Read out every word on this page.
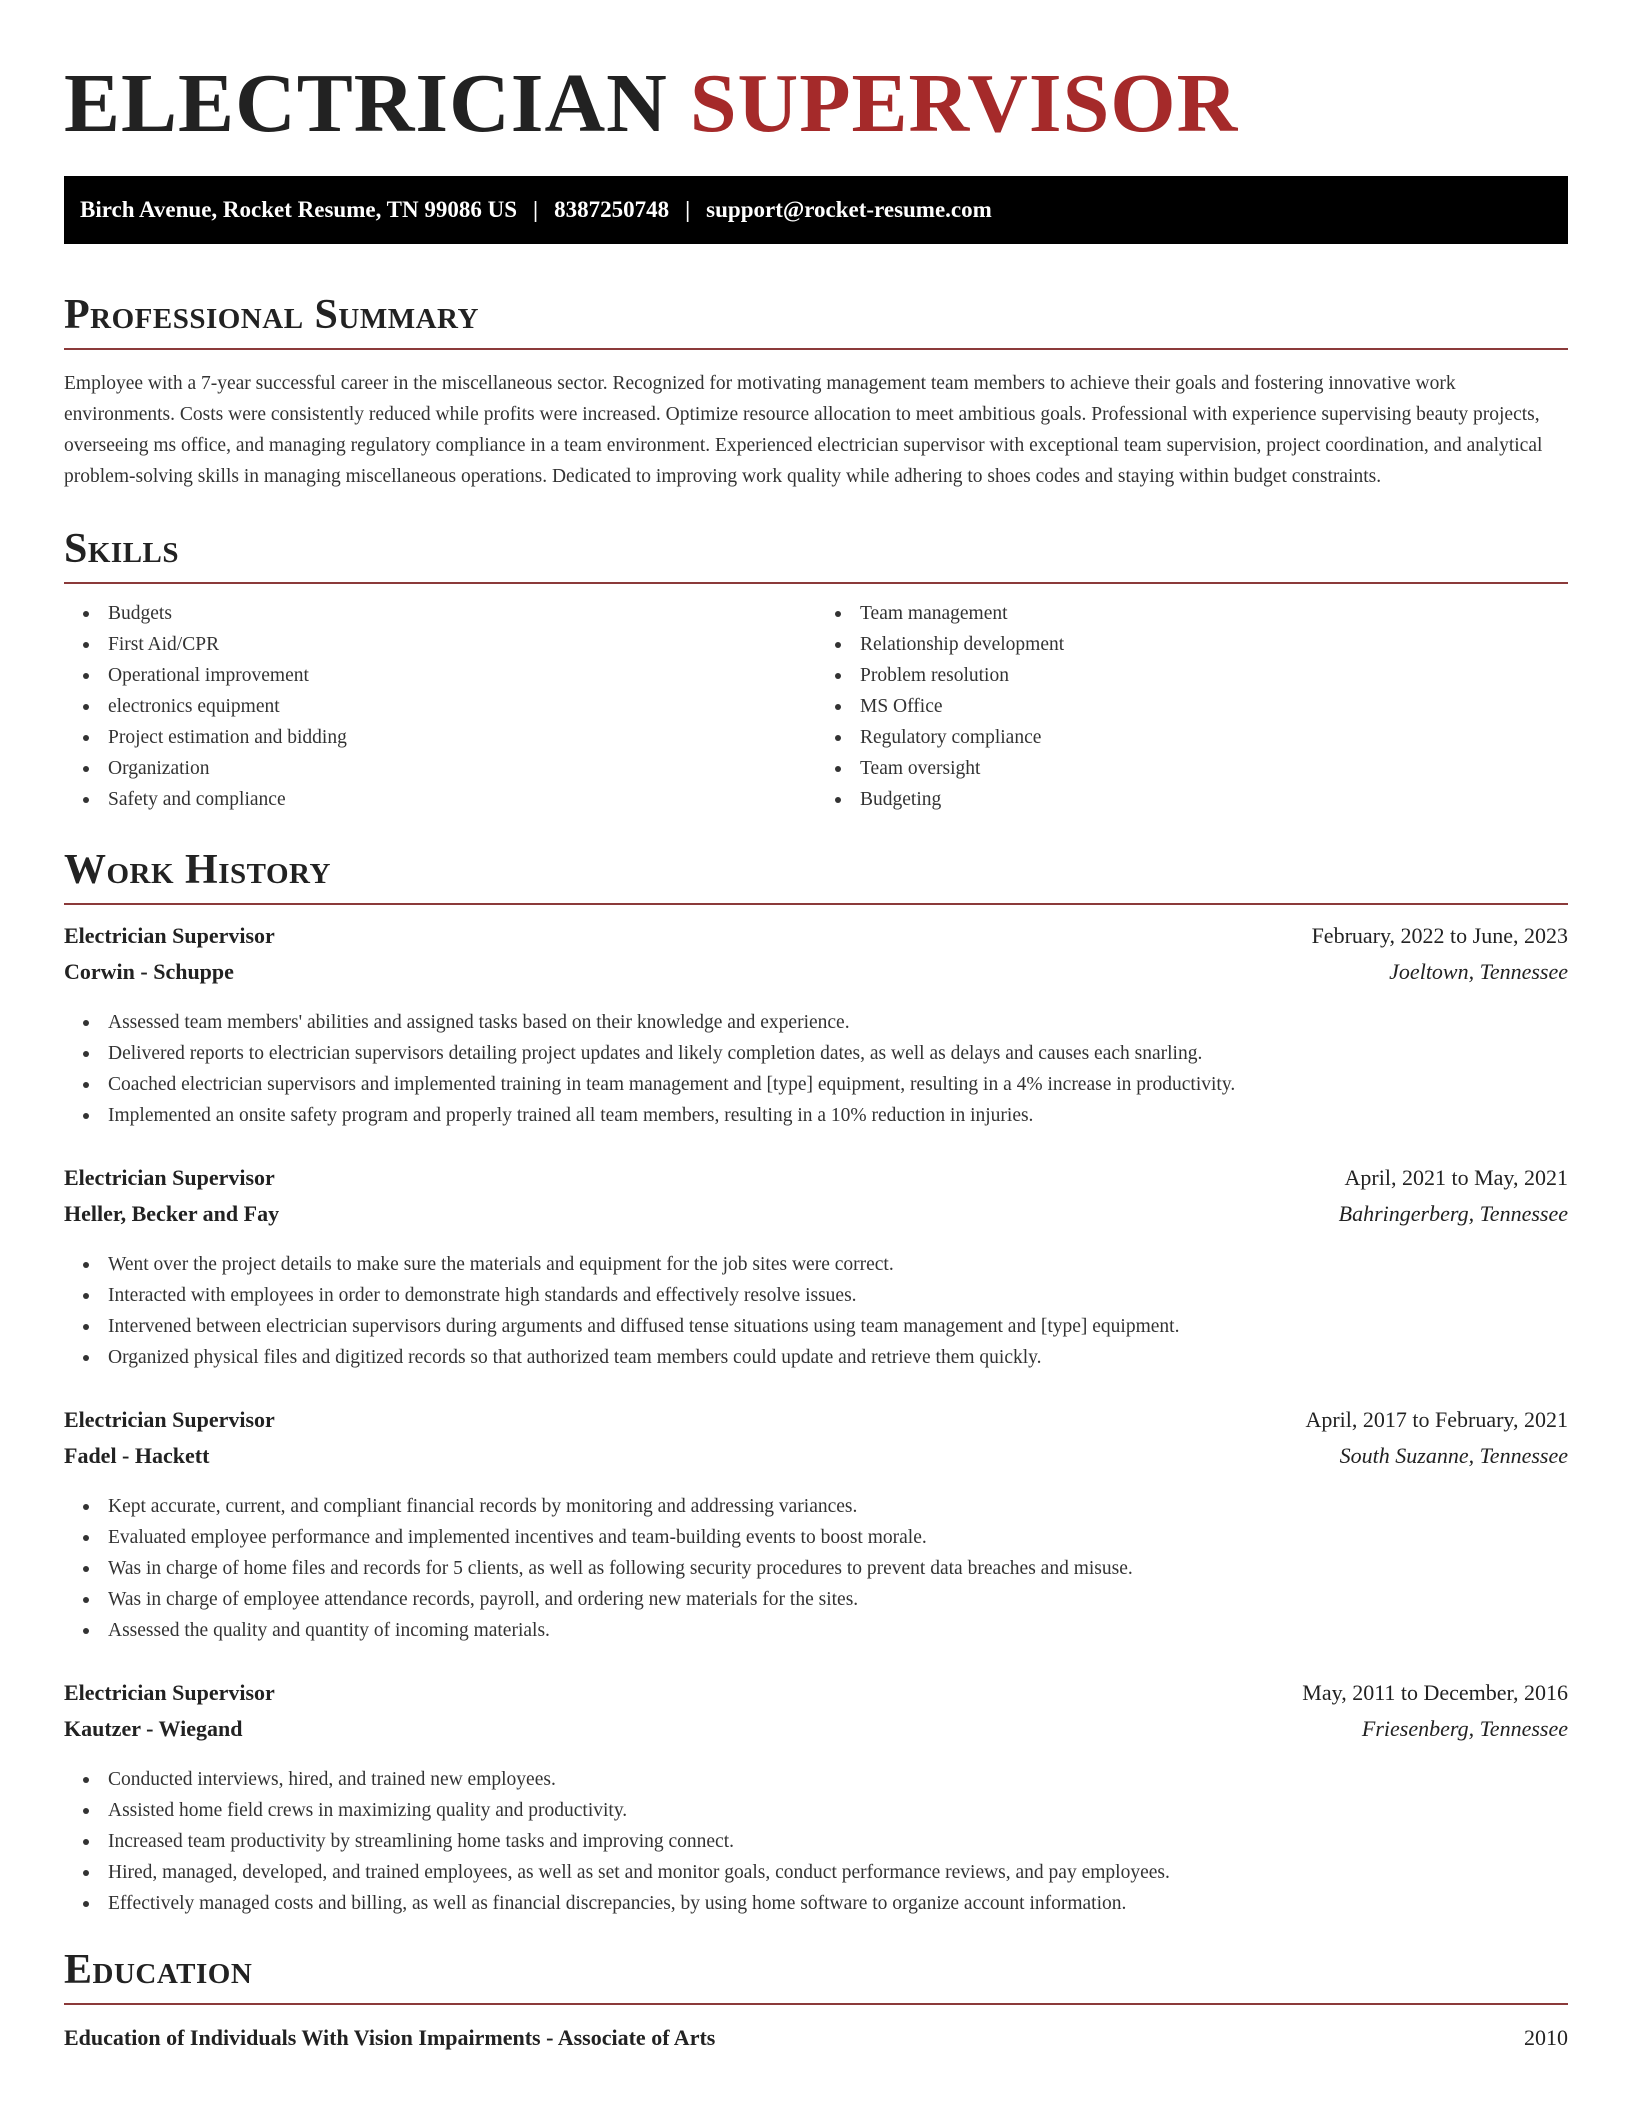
ELECTRICIAN SUPERVISOR
Birch Avenue, Rocket Resume, TN 99086 US | 8387250748 | support@rocket-resume.com
Professional Summary

Employee with a 7-year successful career in the miscellaneous sector. Recognized for motivating management team members to achieve their goals and fostering innovative work environments. Costs were consistently reduced while profits were increased. Optimize resource allocation to meet ambitious goals. Professional with experience supervising beauty projects, overseeing ms office, and managing regulatory compliance in a team environment. Experienced electrician supervisor with exceptional team supervision, project coordination, and analytical problem-solving skills in managing miscellaneous operations. Dedicated to improving work quality while adhering to shoes codes and staying within budget constraints.

Skills
Budgets
First Aid/CPR
Operational improvement
electronics equipment
Project estimation and bidding
Organization
Safety and compliance
Team management
Relationship development
Problem resolution
MS Office
Regulatory compliance
Team oversight
Budgeting
Work History
Electrician Supervisor	February, 2022 to June, 2023
Corwin - Schuppe	Joeltown, Tennessee
Assessed team members' abilities and assigned tasks based on their knowledge and experience.
Delivered reports to electrician supervisors detailing project updates and likely completion dates, as well as delays and causes each snarling.
Coached electrician supervisors and implemented training in team management and [type] equipment, resulting in a 4% increase in productivity.
Implemented an onsite safety program and properly trained all team members, resulting in a 10% reduction in injuries.
Electrician Supervisor	April, 2021 to May, 2021
Heller, Becker and Fay	Bahringerberg, Tennessee
Went over the project details to make sure the materials and equipment for the job sites were correct.
Interacted with employees in order to demonstrate high standards and effectively resolve issues.
Intervened between electrician supervisors during arguments and diffused tense situations using team management and [type] equipment.
Organized physical files and digitized records so that authorized team members could update and retrieve them quickly.
Electrician Supervisor	April, 2017 to February, 2021
Fadel - Hackett	South Suzanne, Tennessee
Kept accurate, current, and compliant financial records by monitoring and addressing variances.
Evaluated employee performance and implemented incentives and team-building events to boost morale.
Was in charge of home files and records for 5 clients, as well as following security procedures to prevent data breaches and misuse.
Was in charge of employee attendance records, payroll, and ordering new materials for the sites.
Assessed the quality and quantity of incoming materials.
Electrician Supervisor	May, 2011 to December, 2016
Kautzer - Wiegand	Friesenberg, Tennessee
Conducted interviews, hired, and trained new employees.
Assisted home field crews in maximizing quality and productivity.
Increased team productivity by streamlining home tasks and improving connect.
Hired, managed, developed, and trained employees, as well as set and monitor goals, conduct performance reviews, and pay employees.
Effectively managed costs and billing, as well as financial discrepancies, by using home software to organize account information.
Education
Education of Individuals With Vision Impairments - Associate of Arts	2010
